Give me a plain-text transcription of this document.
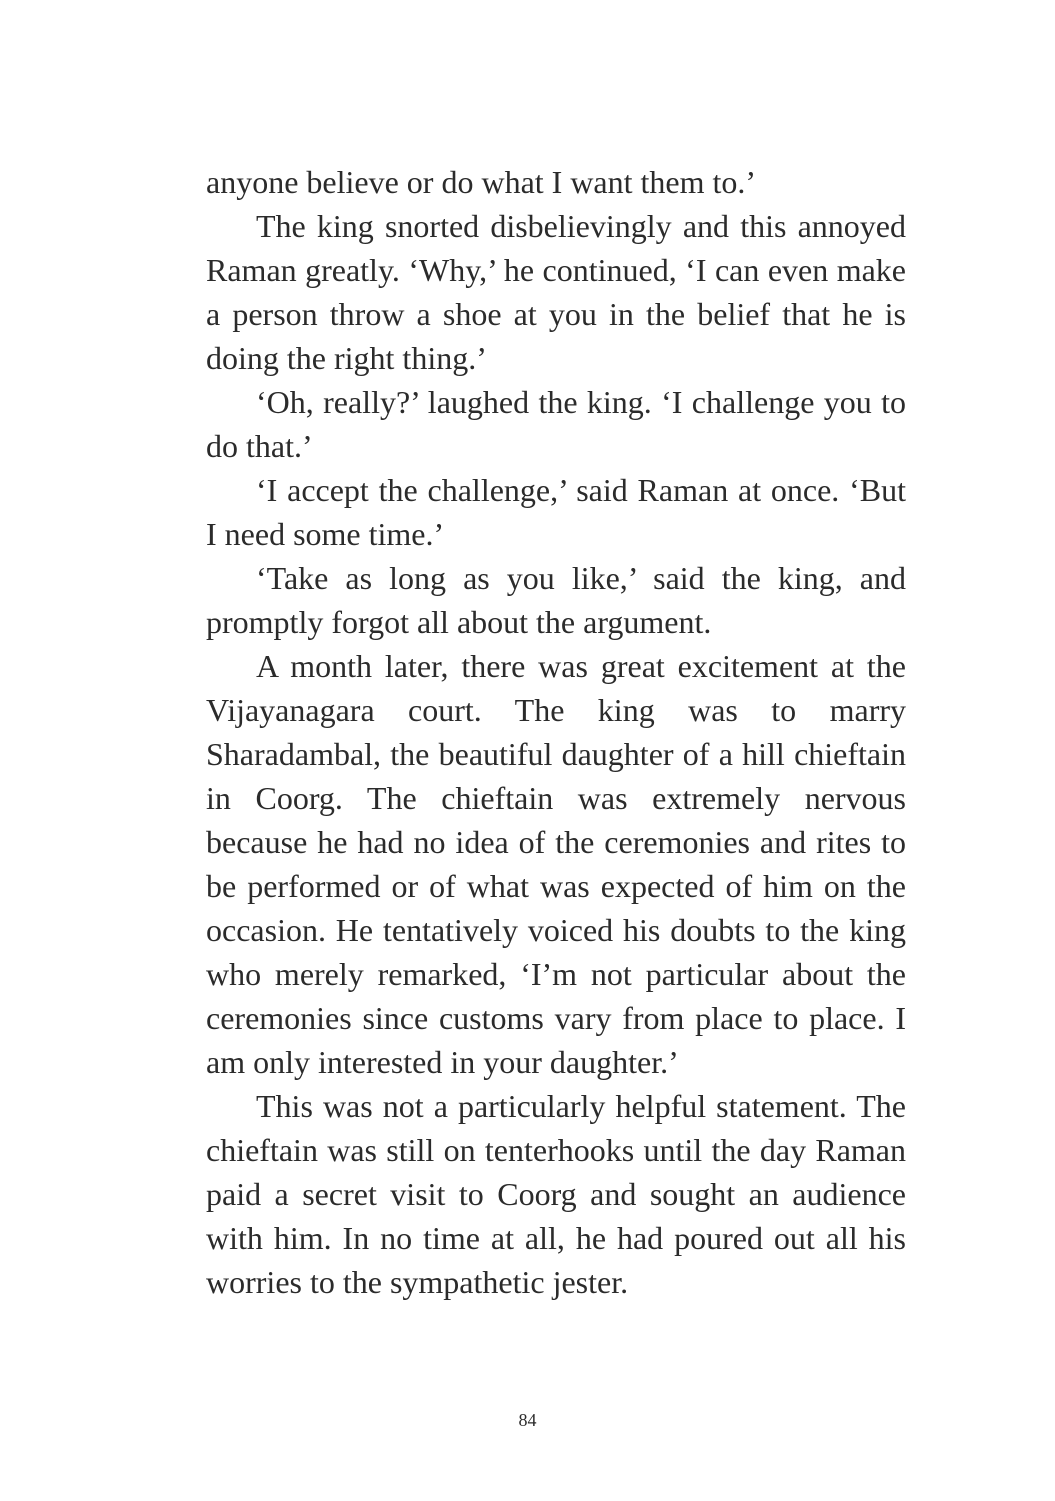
anyone believe or do what I want them to.’

The king snorted disbelievingly and this annoyed Raman greatly. ‘Why,’ he continued, ‘I can even make a person throw a shoe at you in the belief that he is doing the right thing.’

‘Oh, really?’ laughed the king. ‘I challenge you to do that.’

‘I accept the challenge,’ said Raman at once. ‘But I need some time.’

‘Take as long as you like,’ said the king, and promptly forgot all about the argument.

A month later, there was great excitement at the Vijayanagara court. The king was to marry Sharadambal, the beautiful daughter of a hill chieftain in Coorg. The chieftain was extremely nervous because he had no idea of the ceremonies and rites to be performed or of what was expected of him on the occasion. He tentatively voiced his doubts to the king who merely remarked, ‘I’m not particular about the ceremonies since customs vary from place to place. I am only interested in your daughter.’

This was not a particularly helpful statement. The chieftain was still on tenterhooks until the day Raman paid a secret visit to Coorg and sought an audience with him. In no time at all, he had poured out all his worries to the sympathetic jester.

84
